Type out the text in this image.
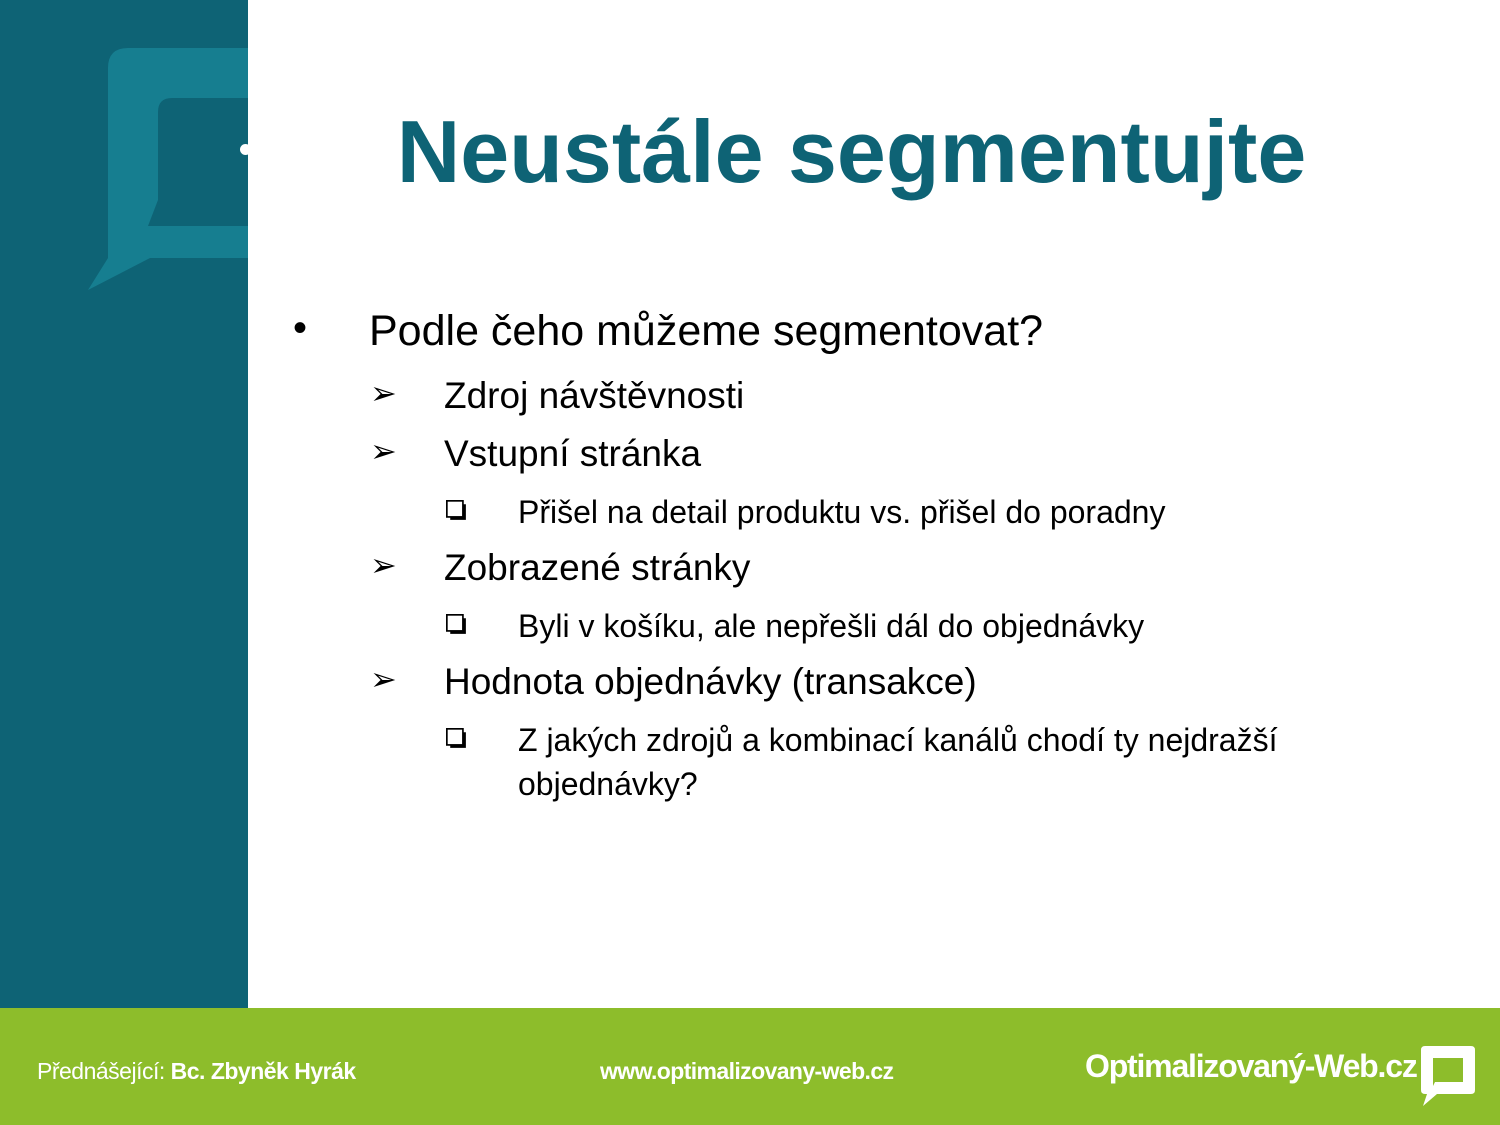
Neustále segmentujte
• Podle čeho můžeme segmentovat?
➢ Zdroj návštěvnosti
➢ Vstupní stránka
Přišel na detail produktu vs. přišel do poradny
➢ Zobrazené stránky
Byli v košíku, ale nepřešli dál do objednávky
➢ Hodnota objednávky (transakce)
Z jakých zdrojů a kombinací kanálů chodí ty nejdražší objednávky?
Přednášející: Bc. Zbyněk Hyrák	www.optimalizovany-web.cz	Optimalizovaný-Web.cz
